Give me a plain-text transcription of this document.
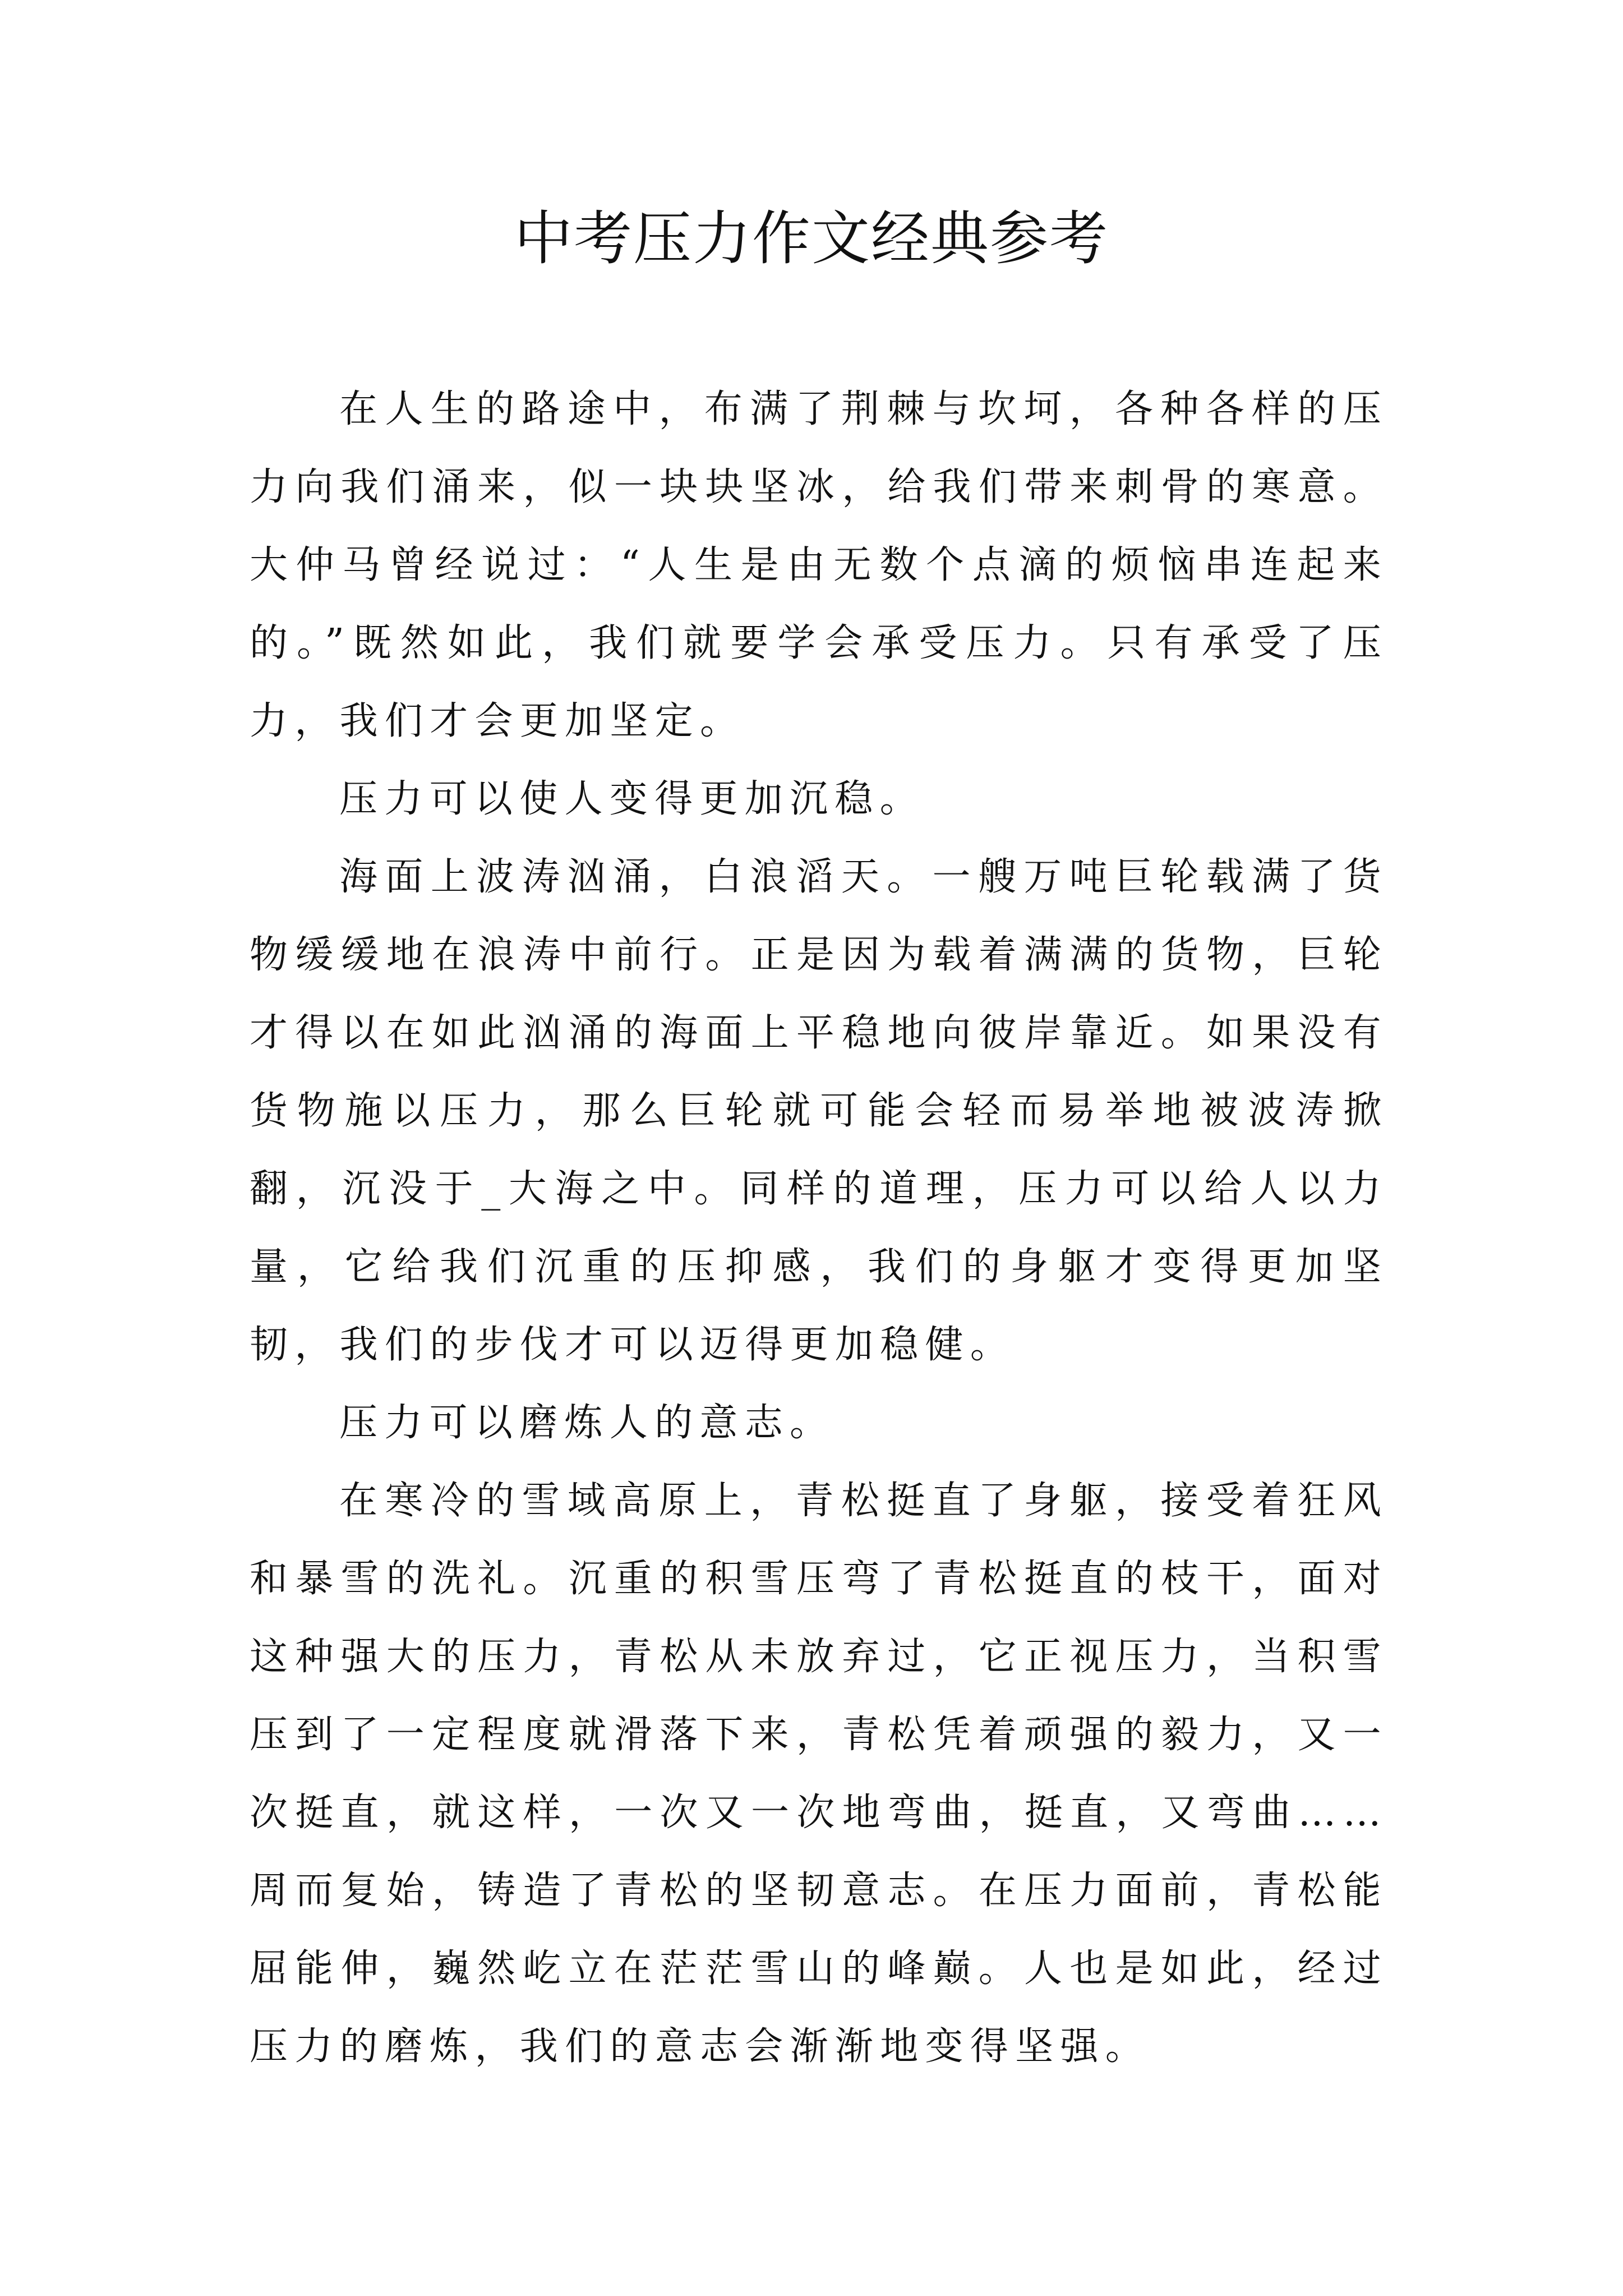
中考压力作文经典参考

在人生的路途中，布满了荆棘与坎坷，各种各样的压力向我们涌来，似一块块坚冰，给我们带来刺骨的寒意。大仲马曾经说过：“人生是由无数个点滴的烦恼串连起来的。”既然如此，我们就要学会承受压力。只有承受了压力，我们才会更加坚定。

压力可以使人变得更加沉稳。

海面上波涛汹涌，白浪滔天。一艘万吨巨轮载满了货物缓缓地在浪涛中前行。正是因为载着满满的货物，巨轮才得以在如此汹涌的海面上平稳地向彼岸靠近。如果没有货物施以压力，那么巨轮就可能会轻而易举地被波涛掀翻，沉没于_大海之中。同样的道理，压力可以给人以力量，它给我们沉重的压抑感，我们的身躯才变得更加坚韧，我们的步伐才可以迈得更加稳健。

压力可以磨炼人的意志。

在寒冷的雪域高原上，青松挺直了身躯，接受着狂风和暴雪的洗礼。沉重的积雪压弯了青松挺直的枝干，面对这种强大的压力，青松从未放弃过，它正视压力，当积雪压到了一定程度就滑落下来，青松凭着顽强的毅力，又一次挺直，就这样，一次又一次地弯曲，挺直，又弯曲……周而复始，铸造了青松的坚韧意志。在压力面前，青松能屈能伸，巍然屹立在茫茫雪山的峰巅。人也是如此，经过压力的磨炼，我们的意志会渐渐地变得坚强。
